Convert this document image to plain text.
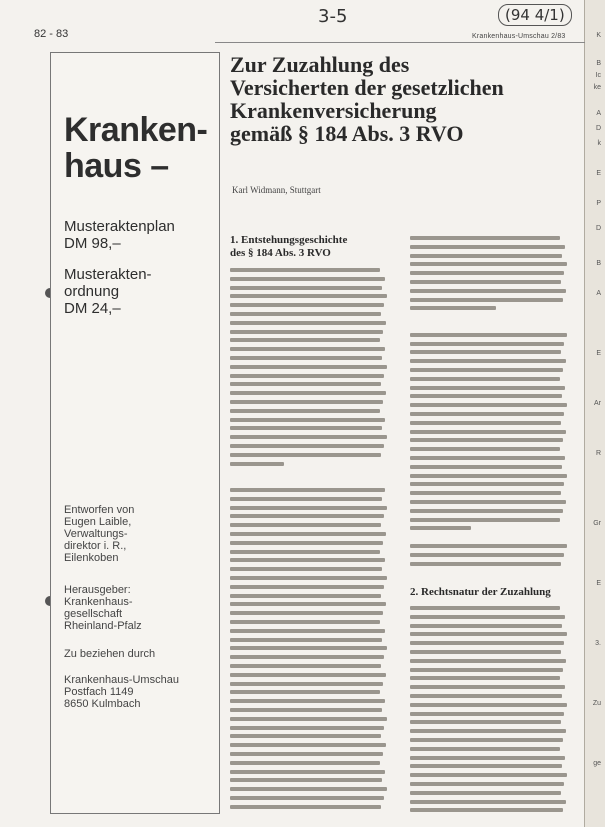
K
B
Ic
ke
A
D
k
E
P
D
B
A
E
Ar
R
Gr
E
3.
Zu
ge
82 - 83
3-5	(94 4/1)
Krankenhaus-Umschau 2/83
Kranken-
haus –
Musteraktenplan
DM 98,–
Musterakten-
ordnung
DM 24,–
Entworfen von
Eugen Laible,
Verwaltungs-
direktor i. R.,
Eilenkoben
Herausgeber:
Krankenhaus-
gesellschaft
Rheinland-Pfalz
Zu beziehen durch
Krankenhaus-Umschau
Postfach 1149
8650 Kulmbach
Zur Zuzahlung des
Versicherten der gesetzlichen
Krankenversicherung
gemäß § 184 Abs. 3 RVO
Karl Widmann, Stuttgart
1. Entstehungsgeschichte
des § 184 Abs. 3 RVO
2. Rechtsnatur der Zuzahlung
